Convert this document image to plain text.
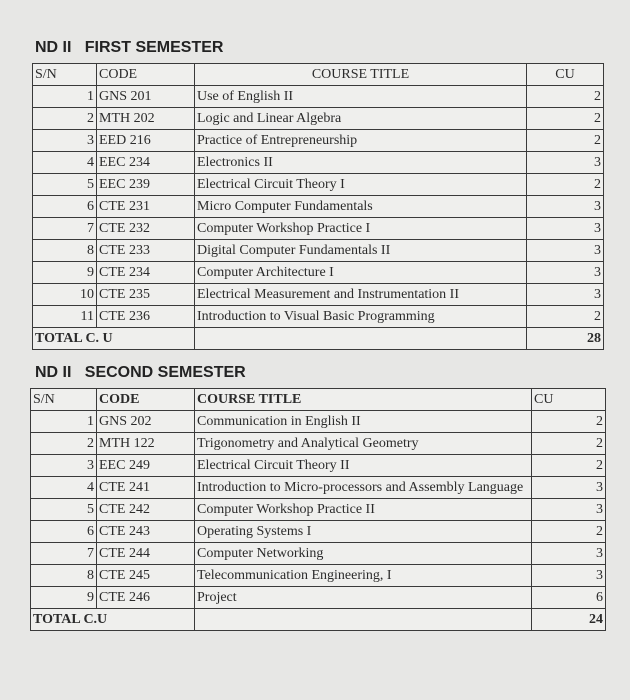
ND II   FIRST SEMESTER
S/N	CODE	COURSE TITLE	CU
1	GNS 201	Use of English II	2
2	MTH 202	Logic and Linear Algebra	2
3	EED 216	Practice of Entrepreneurship	2
4	EEC 234	Electronics II	3
5	EEC 239	Electrical Circuit Theory I	2
6	CTE 231	Micro Computer Fundamentals	3
7	CTE 232	Computer Workshop Practice I	3
8	CTE 233	Digital Computer Fundamentals II	3
9	CTE 234	Computer Architecture I	3
10	CTE 235	Electrical Measurement and Instrumentation II	3
11	CTE 236	Introduction to Visual Basic Programming	2
TOTAL C. U			28
ND II   SECOND SEMESTER
S/N	CODE	COURSE TITLE	CU
1	GNS 202	Communication in English II	2
2	MTH 122	Trigonometry and Analytical Geometry	2
3	EEC 249	Electrical Circuit Theory II	2
4	CTE 241	Introduction to Micro-processors and Assembly Language	3
5	CTE 242	Computer Workshop Practice II	3
6	CTE 243	Operating Systems I	2
7	CTE 244	Computer Networking	3
8	CTE 245	Telecommunication Engineering, I	3
9	CTE 246	Project	6
TOTAL C.U			24
